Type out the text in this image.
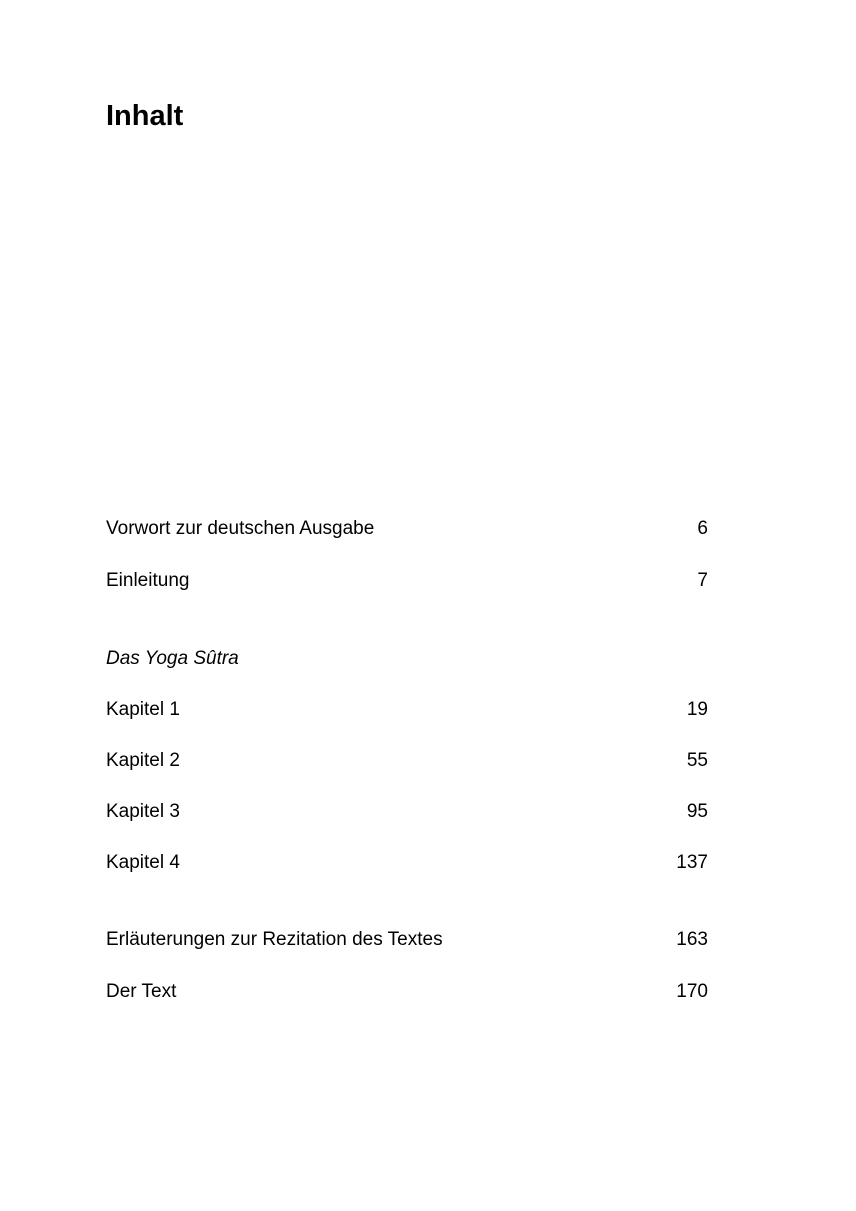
Inhalt
Vorwort zur deutschen Ausgabe	6
Einleitung	7
Das Yoga Sûtra
Kapitel 1	19
Kapitel 2	55
Kapitel 3	95
Kapitel 4	137
Erläuterungen zur Rezitation des Textes	163
Der Text	170
